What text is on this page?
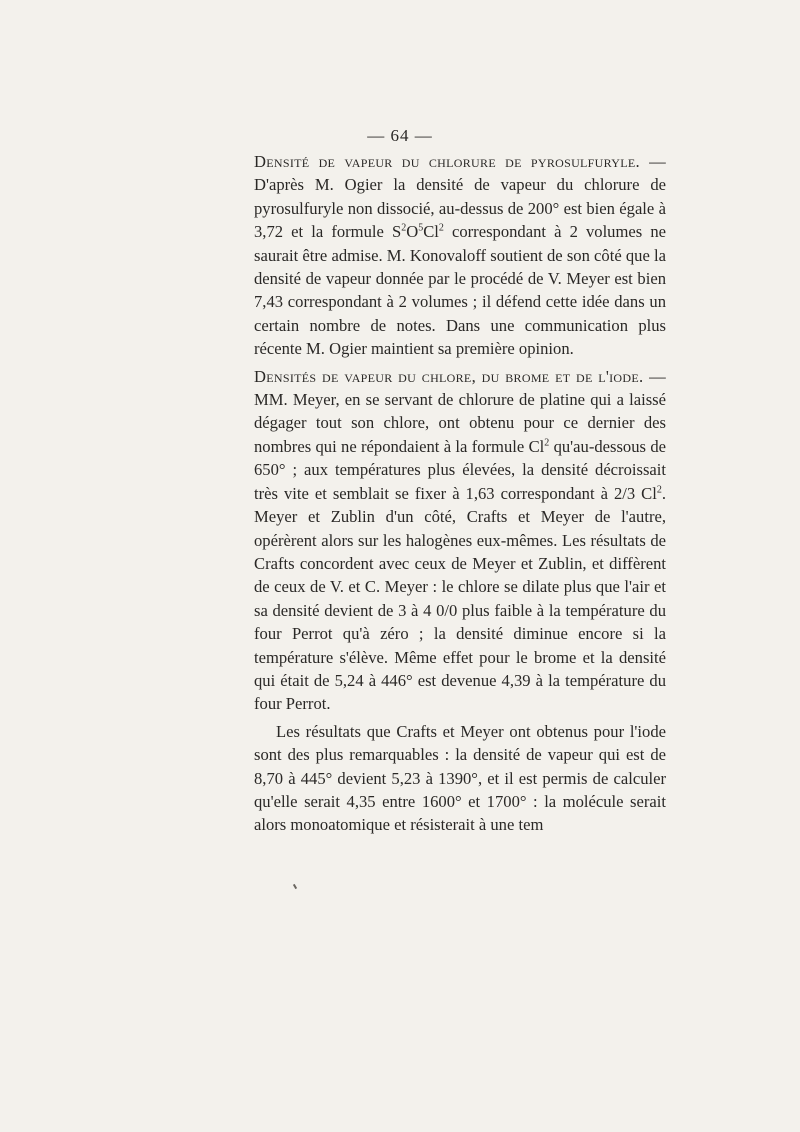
— 64 —

Densité de vapeur du chlorure de pyrosulfuryle. — D'après M. Ogier la densité de vapeur du chlorure de pyrosulfuryle non dissocié, au-dessus de 200° est bien égale à 3,72 et la formule $S^2O^5Cl^2$ correspondant à 2 volumes ne saurait être admise. M. Konovaloff soutient de son côté que la densité de vapeur donnée par le procédé de V. Meyer est bien 7,43 correspondant à 2 volumes ; il défend cette idée dans un certain nombre de notes. Dans une communication plus récente M. Ogier maintient sa première opinion.

Densités de vapeur du chlore, du brome et de l'iode. — MM. Meyer, en se servant de chlorure de platine qui a laissé dégager tout son chlore, ont obtenu pour ce dernier des nombres qui ne répondaient à la formule Cl$^2$ qu'au-dessous de 650° ; aux températures plus élevées, la densité décroissait très vite et semblait se fixer à 1,63 correspondant à 2/3 Cl$^2$. Meyer et Zublin d'un côté, Crafts et Meyer de l'autre, opérèrent alors sur les halogènes eux-mêmes. Les résultats de Crafts concordent avec ceux de Meyer et Zublin, et diffèrent de ceux de V. et C. Meyer : le chlore se dilate plus que l'air et sa densité devient de 3 à 4 0/0 plus faible à la température du four Perrot qu'à zéro ; la densité diminue encore si la température s'élève. Même effet pour le brome et la densité qui était de 5,24 à 446° est devenue 4,39 à la température du four Perrot.

Les résultats que Crafts et Meyer ont obtenus pour l'iode sont des plus remarquables : la densité de vapeur qui est de 8,70 à 445° devient 5,23 à 1390°, et il est permis de calculer qu'elle serait 4,35 entre 1600° et 1700° : la molécule serait alors monoatomique et résisterait à une tem
